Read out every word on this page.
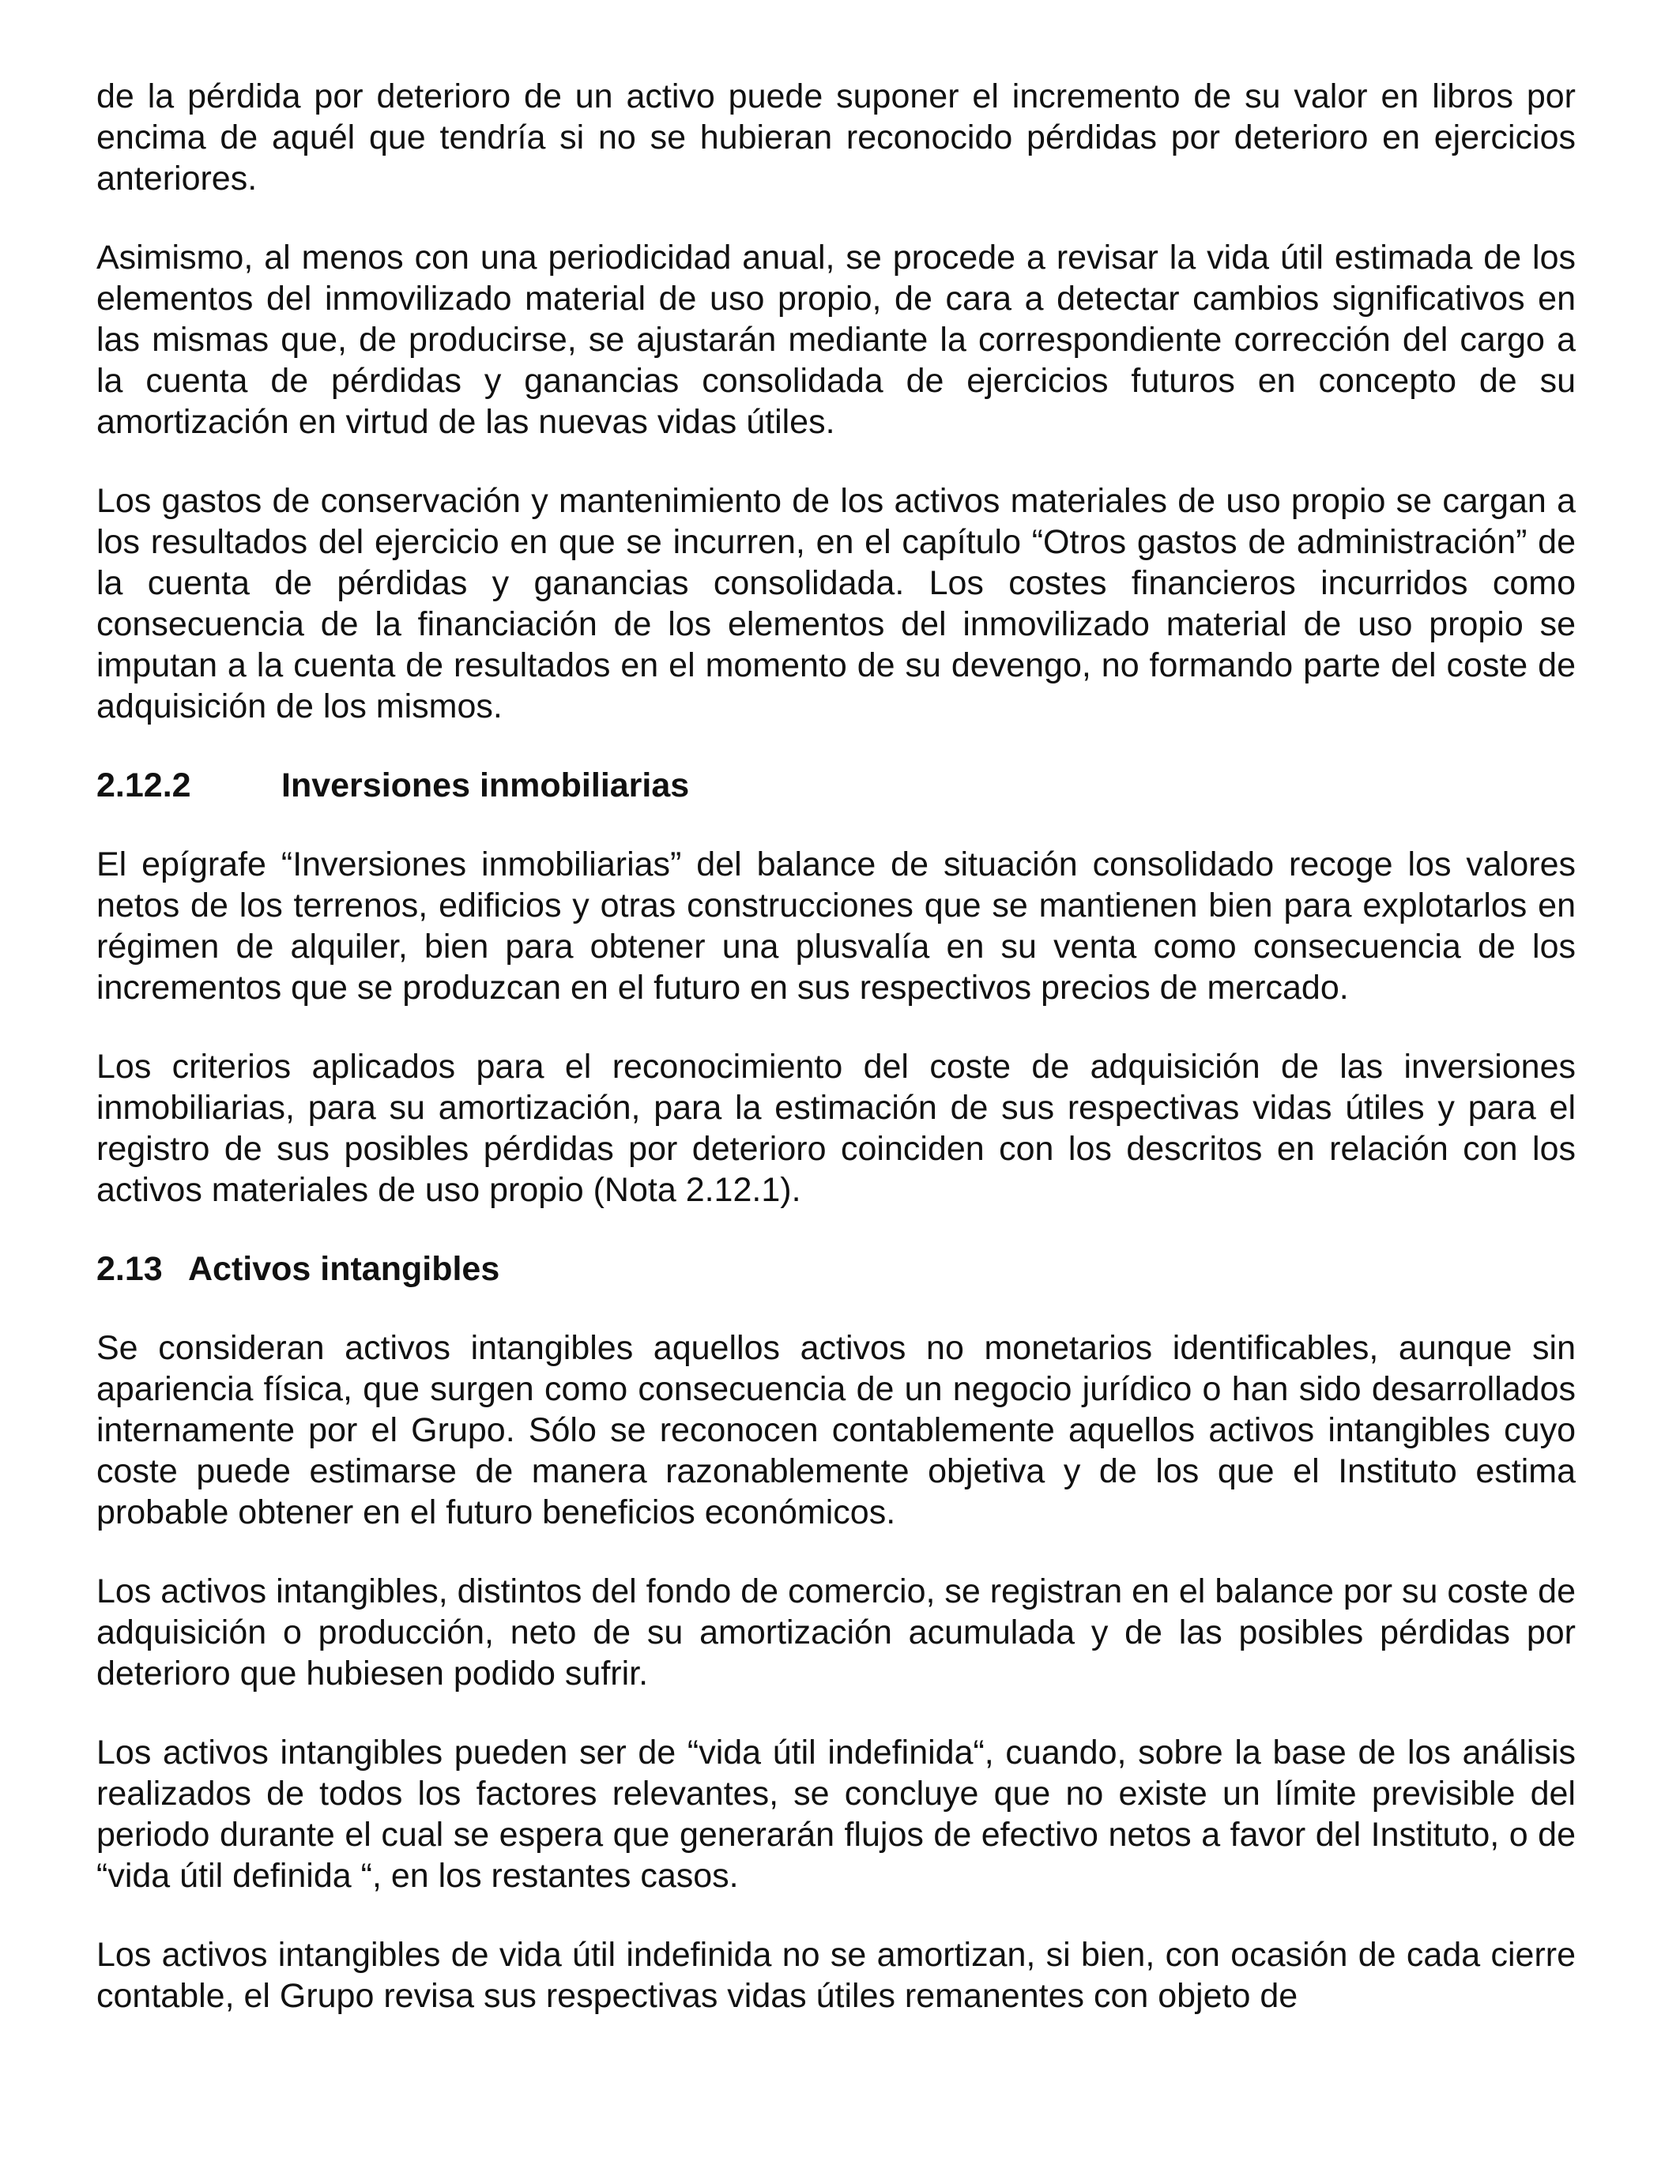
de la pérdida por deterioro de un activo puede suponer el incremento de su valor en libros por encima de aquél que tendría si no se hubieran reconocido pérdidas por deterioro en ejercicios anteriores.

Asimismo, al menos con una periodicidad anual, se procede a revisar la vida útil estimada de los elementos del inmovilizado material de uso propio, de cara a detectar cambios significativos en las mismas que, de producirse, se ajustarán mediante la correspondiente corrección del cargo a la cuenta de pérdidas y ganancias consolidada de ejercicios futuros en concepto de su amortización en virtud de las nuevas vidas útiles.

Los gastos de conservación y mantenimiento de los activos materiales de uso propio se cargan a los resultados del ejercicio en que se incurren, en el capítulo “Otros gastos de administración” de la cuenta de pérdidas y ganancias consolidada. Los costes financieros incurridos como consecuencia de la financiación de los elementos del inmovilizado material de uso propio se imputan a la cuenta de resultados en el momento de su devengo, no formando parte del coste de adquisición de los mismos.

2.12.2	Inversiones inmobiliarias

El epígrafe “Inversiones inmobiliarias” del balance de situación consolidado recoge los valores netos de los terrenos, edificios y otras construcciones que se mantienen bien para explotarlos en régimen de alquiler, bien para obtener una plusvalía en su venta como consecuencia de los incrementos que se produzcan en el futuro en sus respectivos precios de mercado.

Los criterios aplicados para el reconocimiento del coste de adquisición de las inversiones inmobiliarias, para su amortización, para la estimación de sus respectivas vidas útiles y para el registro de sus posibles pérdidas por deterioro coinciden con los descritos en relación con los activos materiales de uso propio (Nota 2.12.1).

2.13 Activos intangibles

Se consideran activos intangibles aquellos activos no monetarios identificables, aunque sin apariencia física, que surgen como consecuencia de un negocio jurídico o han sido desarrollados internamente por el Grupo. Sólo se reconocen contablemente aquellos activos intangibles cuyo coste puede estimarse de manera razonablemente objetiva y de los que el Instituto estima probable obtener en el futuro beneficios económicos.

Los activos intangibles, distintos del fondo de comercio, se registran en el balance por su coste de adquisición o producción, neto de su amortización acumulada y de las posibles pérdidas por deterioro que hubiesen podido sufrir.

Los activos intangibles pueden ser de “vida útil indefinida“, cuando, sobre la base de los análisis realizados de todos los factores relevantes, se concluye que no existe un límite previsible del periodo durante el cual se espera que generarán flujos de efectivo netos a favor del Instituto, o de “vida útil definida “, en los restantes casos.

Los activos intangibles de vida útil indefinida no se amortizan, si bien, con ocasión de cada cierre contable, el Grupo revisa sus respectivas vidas útiles remanentes con objeto de
